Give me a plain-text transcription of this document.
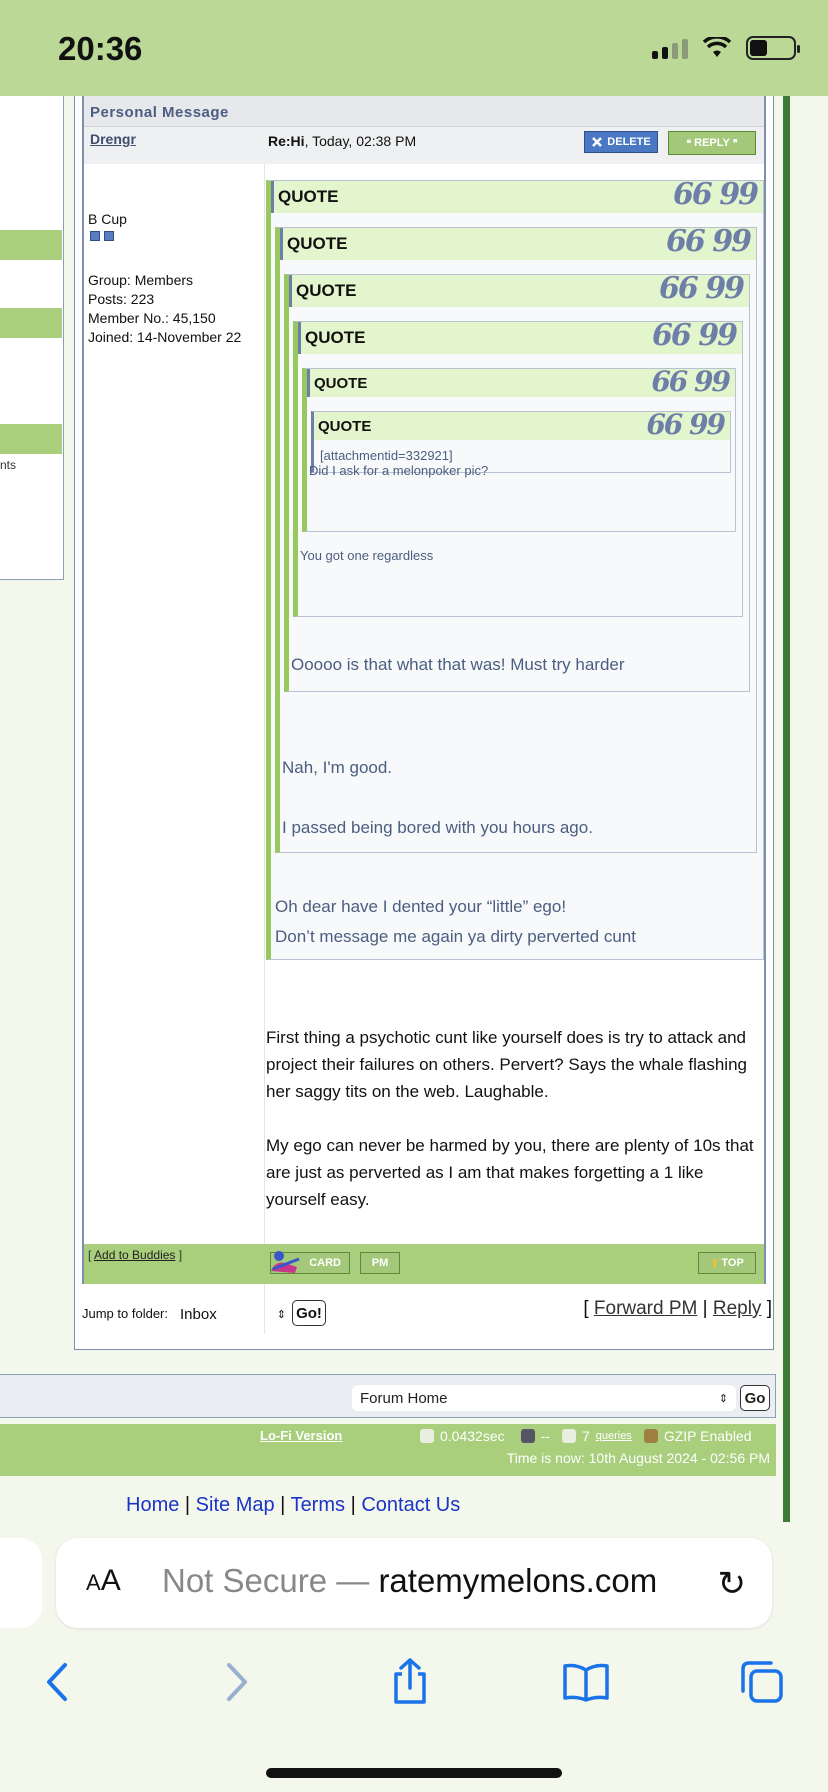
20:36
nts
Personal Message
Drengr	Re:Hi, Today, 02:38 PM	DELETE	❝ REPLY ❞
B Cup
Group: Members
Posts: 223
Member No.: 45,150
Joined: 14-November 22
QUOTE	66 99
QUOTE	66 99
QUOTE	66 99
QUOTE	66 99
QUOTE	66 99
QUOTE	66 99
[attachmentid=332921]
Did I ask for a melonpoker pic?
You got one regardless
Ooooo is that what that was! Must try harder
Nah, I'm good.
I passed being bored with you hours ago.
Oh dear have I dented your “little” ego!
Don’t message me again ya dirty perverted cunt
First thing a psychotic cunt like yourself does is try to attack and project their failures on others. Pervert? Says the whale flashing her saggy tits on the web. Laughable.
My ego can never be harmed by you, there are plenty of 10s that are just as perverted as I am that makes forgetting a 1 like yourself easy.
[ Add to Buddies ]
CARD	PM	⬆ TOP
Jump to folder: Inbox	⇕ Go!	[ Forward PM | Reply ]
Forum Home	⇕	Go
Lo-Fi Version	0.0432sec	-- 7 queries GZIP Enabled
Time is now: 10th August 2024 - 02:56 PM
Home | Site Map | Terms | Contact Us
AA Not Secure — ratemymelons.com ↻
